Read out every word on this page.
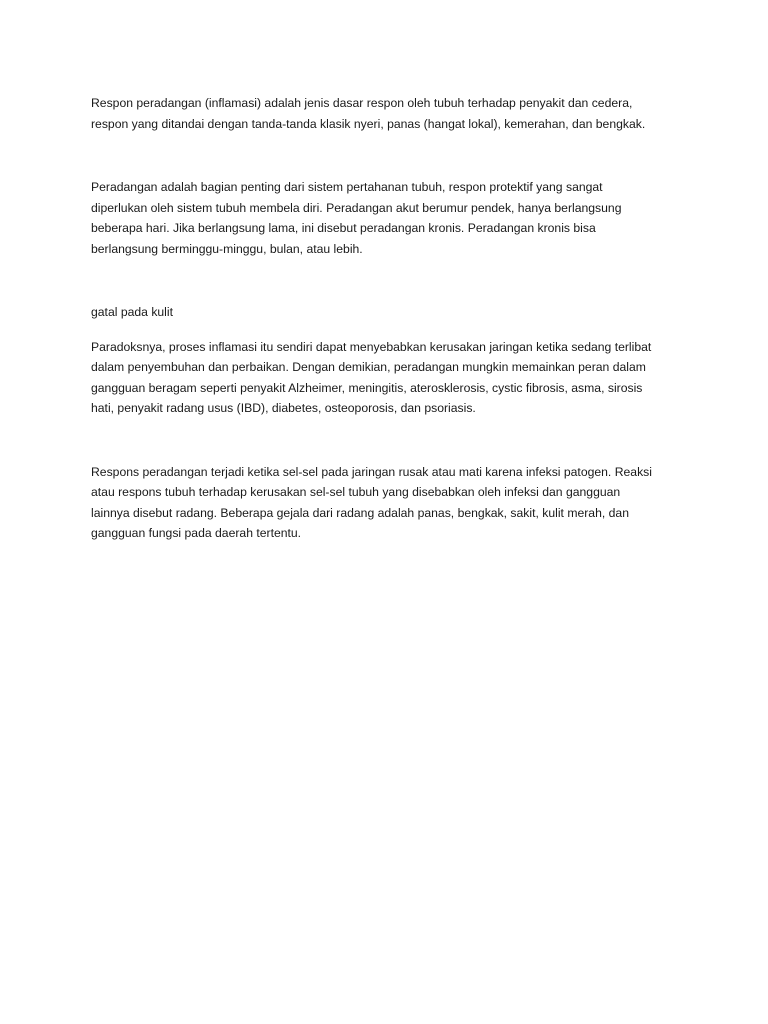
Respon peradangan (inflamasi) adalah jenis dasar respon oleh tubuh terhadap penyakit dan cedera,
respon yang ditandai dengan tanda-tanda klasik nyeri, panas (hangat lokal), kemerahan, dan bengkak.

Peradangan adalah bagian penting dari sistem pertahanan tubuh, respon protektif yang sangat
diperlukan oleh sistem tubuh membela diri. Peradangan akut berumur pendek, hanya berlangsung
beberapa hari. Jika berlangsung lama, ini disebut peradangan kronis. Peradangan kronis bisa
berlangsung berminggu-minggu, bulan, atau lebih.

gatal pada kulit

Paradoksnya, proses inflamasi itu sendiri dapat menyebabkan kerusakan jaringan ketika sedang terlibat
dalam penyembuhan dan perbaikan. Dengan demikian, peradangan mungkin memainkan peran dalam
gangguan beragam seperti penyakit Alzheimer, meningitis, aterosklerosis, cystic fibrosis, asma, sirosis
hati, penyakit radang usus (IBD), diabetes, osteoporosis, dan psoriasis.

Respons peradangan terjadi ketika sel-sel pada jaringan rusak atau mati karena infeksi patogen. Reaksi
atau respons tubuh terhadap kerusakan sel-sel tubuh yang disebabkan oleh infeksi dan gangguan
lainnya disebut radang. Beberapa gejala dari radang adalah panas, bengkak, sakit, kulit merah, dan
gangguan fungsi pada daerah tertentu.
